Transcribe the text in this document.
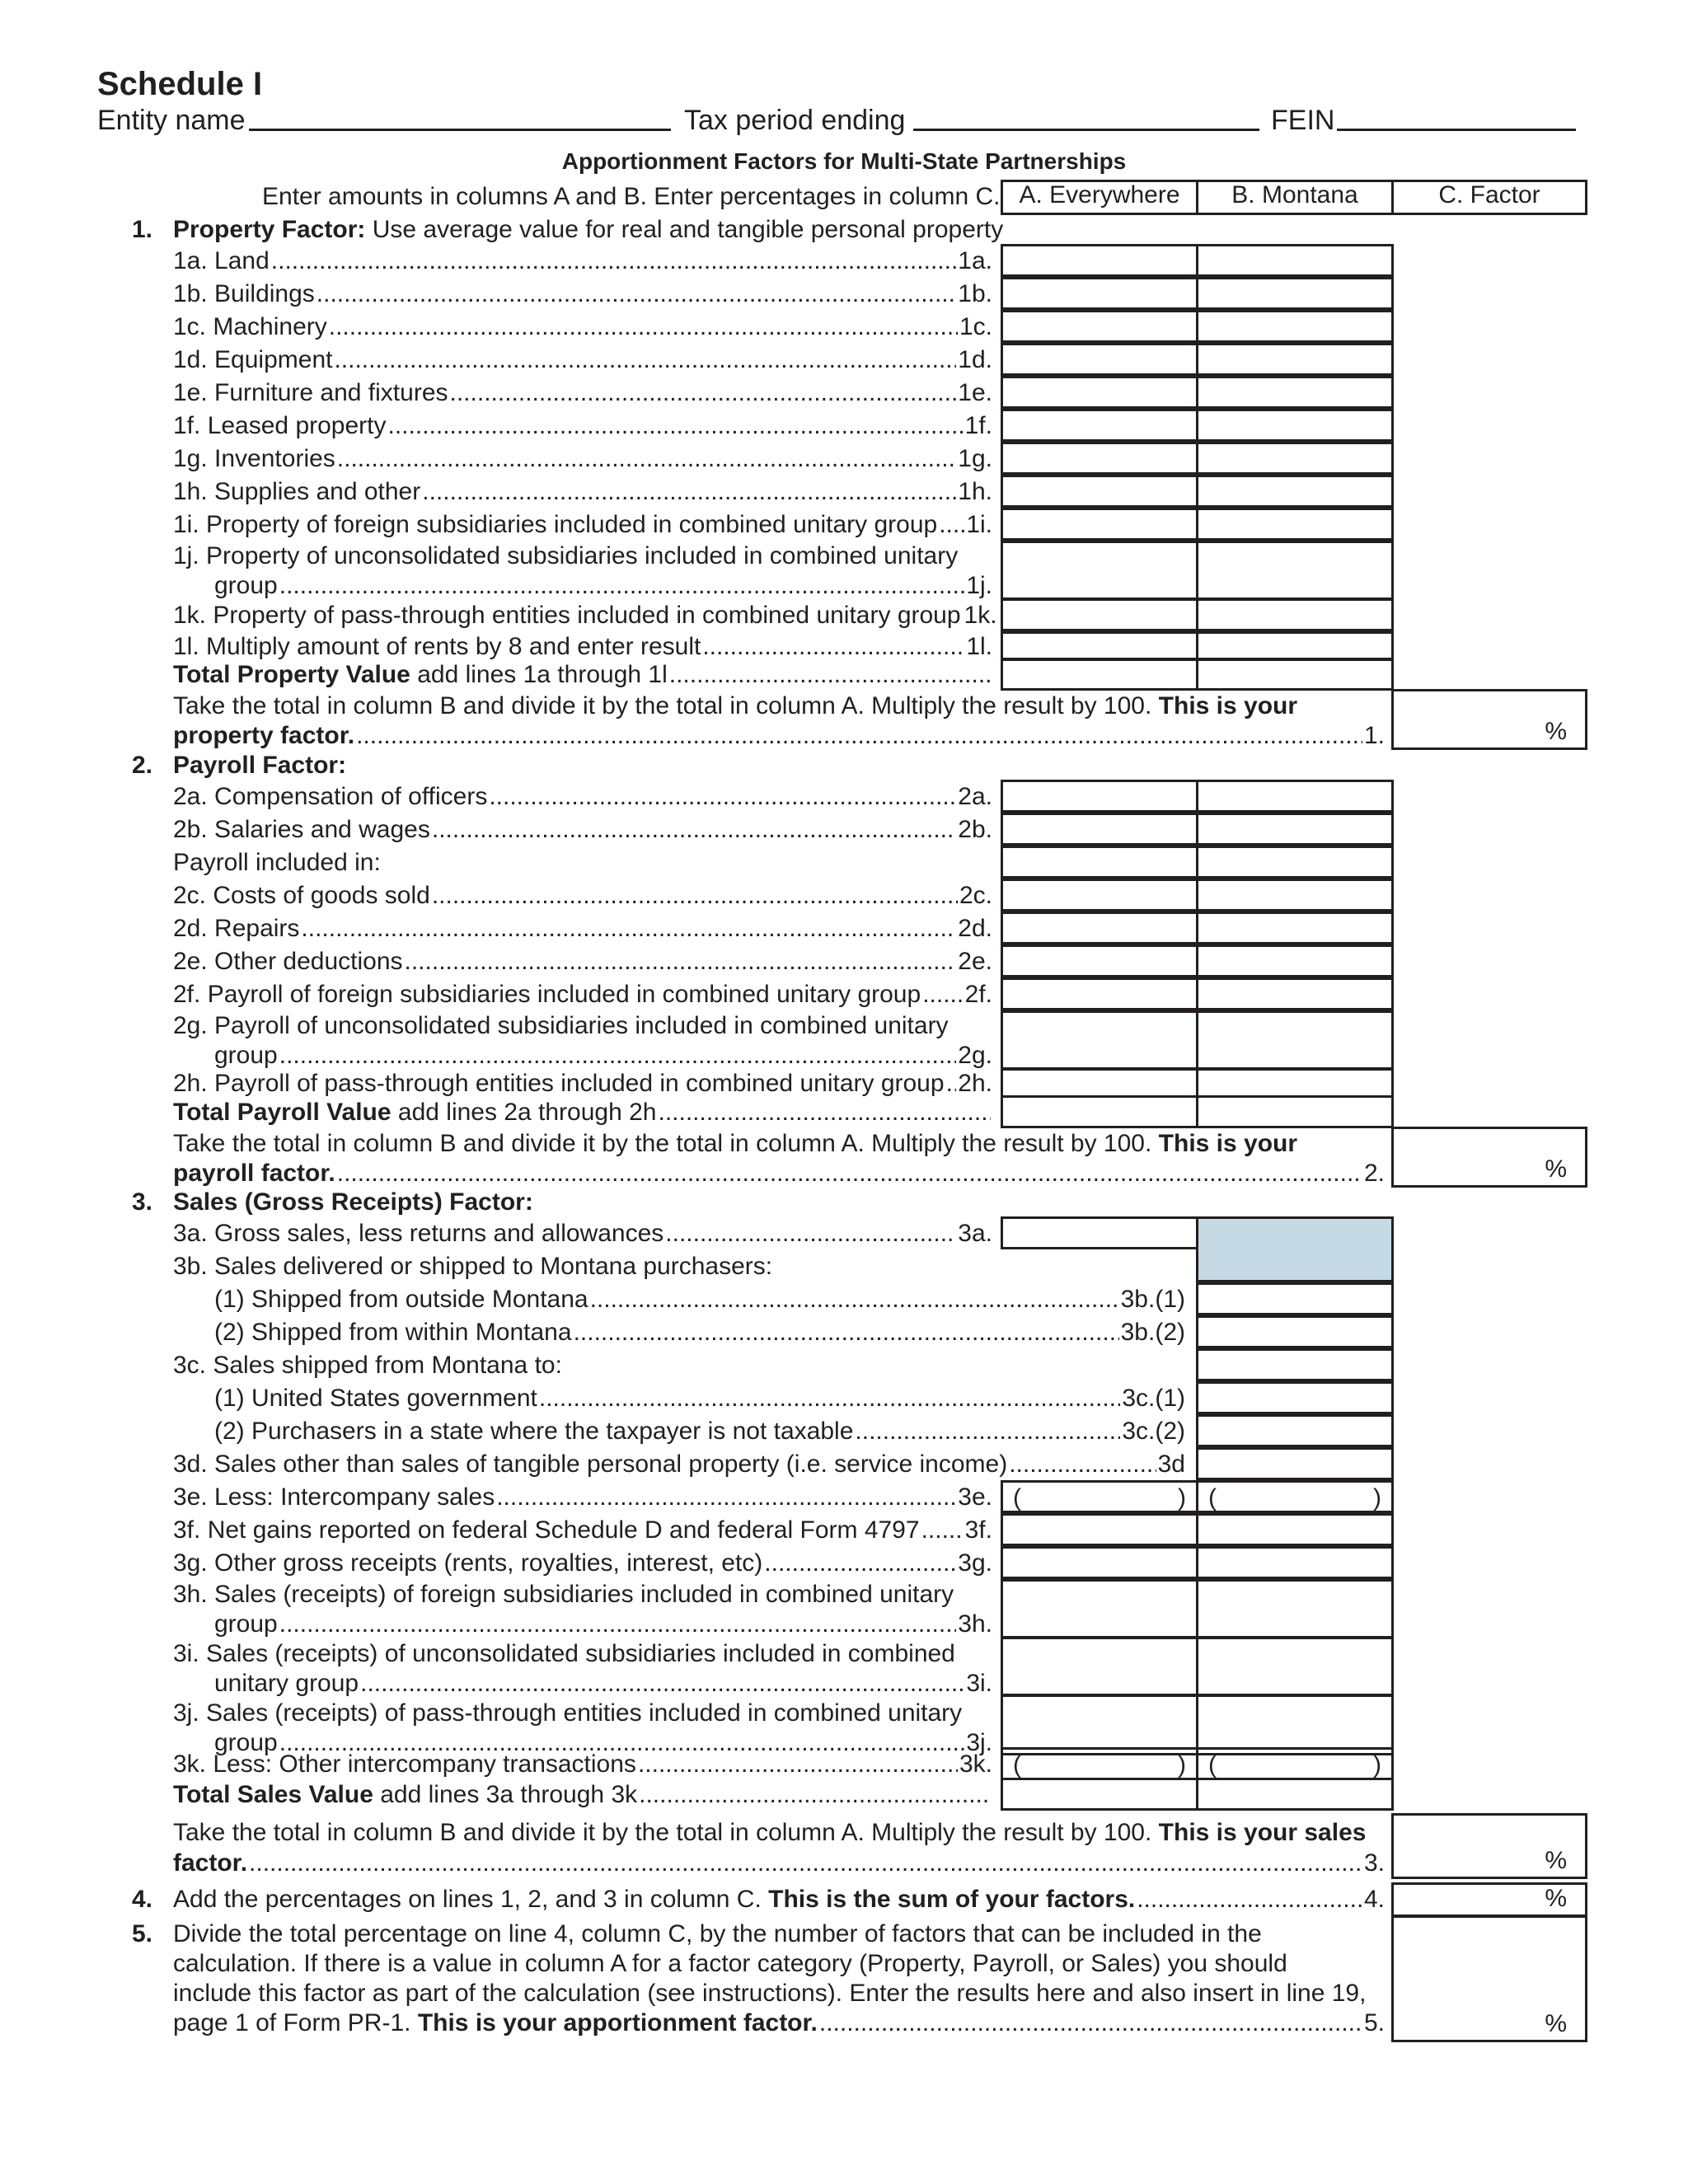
Schedule I
Entity name	Tax period ending	FEIN
Apportionment Factors for Multi-State Partnerships
Enter amounts in columns A and B. Enter percentages in column C. A. Everywhere	B. Montana	C. Factor
1. Property Factor: Use average value for real and tangible personal property
1a. Land .....	1a.
1b. Buildings .....	1b.
1c. Machinery .....	1c.
1d. Equipment .....	1d.
1e. Furniture and fixtures .....	1e.
1f. Leased property .....	1f.
1g. Inventories .....	1g.
1h. Supplies and other .....	1h.
1i. Property of foreign subsidiaries included in combined unitary group ..... 1i.
1j. Property of unconsolidated subsidiaries included in combined unitary
group .....	1j.
1k. Property of pass-through entities included in combined unitary group 1k.
1l. Multiply amount of rents by 8 and enter result .....	1l.
Total Property Value
add lines 1a through 1l
.....
Take the total in column B and divide it by the total in column A. Multiply the result by 100. This is your
property factor. .....	1.	%
2. Payroll Factor:
2a. Compensation of officers .....	2a.
2b. Salaries and wages .....	2b.
Payroll included in:
2c. Costs of goods sold .....	2c.
2d. Repairs .....	2d.
2e. Other deductions .....	2e.
2f. Payroll of foreign subsidiaries included in combined unitary group ..... 2f.
2g. Payroll of unconsolidated subsidiaries included in combined unitary
group .....	2g.
2h. Payroll of pass-through entities included in combined unitary group ..... 2h.
Total Payroll Value
add lines 2a through 2h
.....
Take the total in column B and divide it by the total in column A. Multiply the result by 100. This is your
payroll factor. .....	2.	%
3. Sales (Gross Receipts) Factor:
3a. Gross sales, less returns and allowances .....	3a.
3b. Sales delivered or shipped to Montana purchasers:
(1) Shipped from outside Montana .....	3b.(1)
(2) Shipped from within Montana .....	3b.(2)
3c. Sales shipped from Montana to:
(1) United States government .....	3c.(1)
(2) Purchasers in a state where the taxpayer is not taxable .....	3c.(2)
3d. Sales other than sales of tangible personal property (i.e. service income) .....	3d
3e. Less: Intercompany sales .....	3e. (	) (	)
3f. Net gains reported on federal Schedule D and federal Form 4797 ..... 3f.
3g. Other gross receipts (rents, royalties, interest, etc) .....	3g.
3h. Sales (receipts) of foreign subsidiaries included in combined unitary
group .....	3h.
3i. Sales (receipts) of unconsolidated subsidiaries included in combined
unitary group .....	3i.
3j. Sales (receipts) of pass-through entities included in combined unitary
group .....	3j.
3k. Less: Other intercompany transactions .....	3k. (	) (	)
Total Sales Value
add lines 3a through 3k
.....
Take the total in column B and divide it by the total in column A. Multiply the result by 100. This is your sales
factor. .....	3.	%
4. Add the percentages on lines 1, 2, and 3 in column C.
This is the sum of your factors. .....	4.	%
5. Divide the total percentage on line 4, column C, by the number of factors that can be included in the
calculation. If there is a value in column A for a factor category (Property, Payroll, or Sales) you should
include this factor as part of the calculation (see instructions). Enter the results here and also insert in line 19,
page 1 of Form PR-1.
This is your apportionment factor. .....	5.	%
